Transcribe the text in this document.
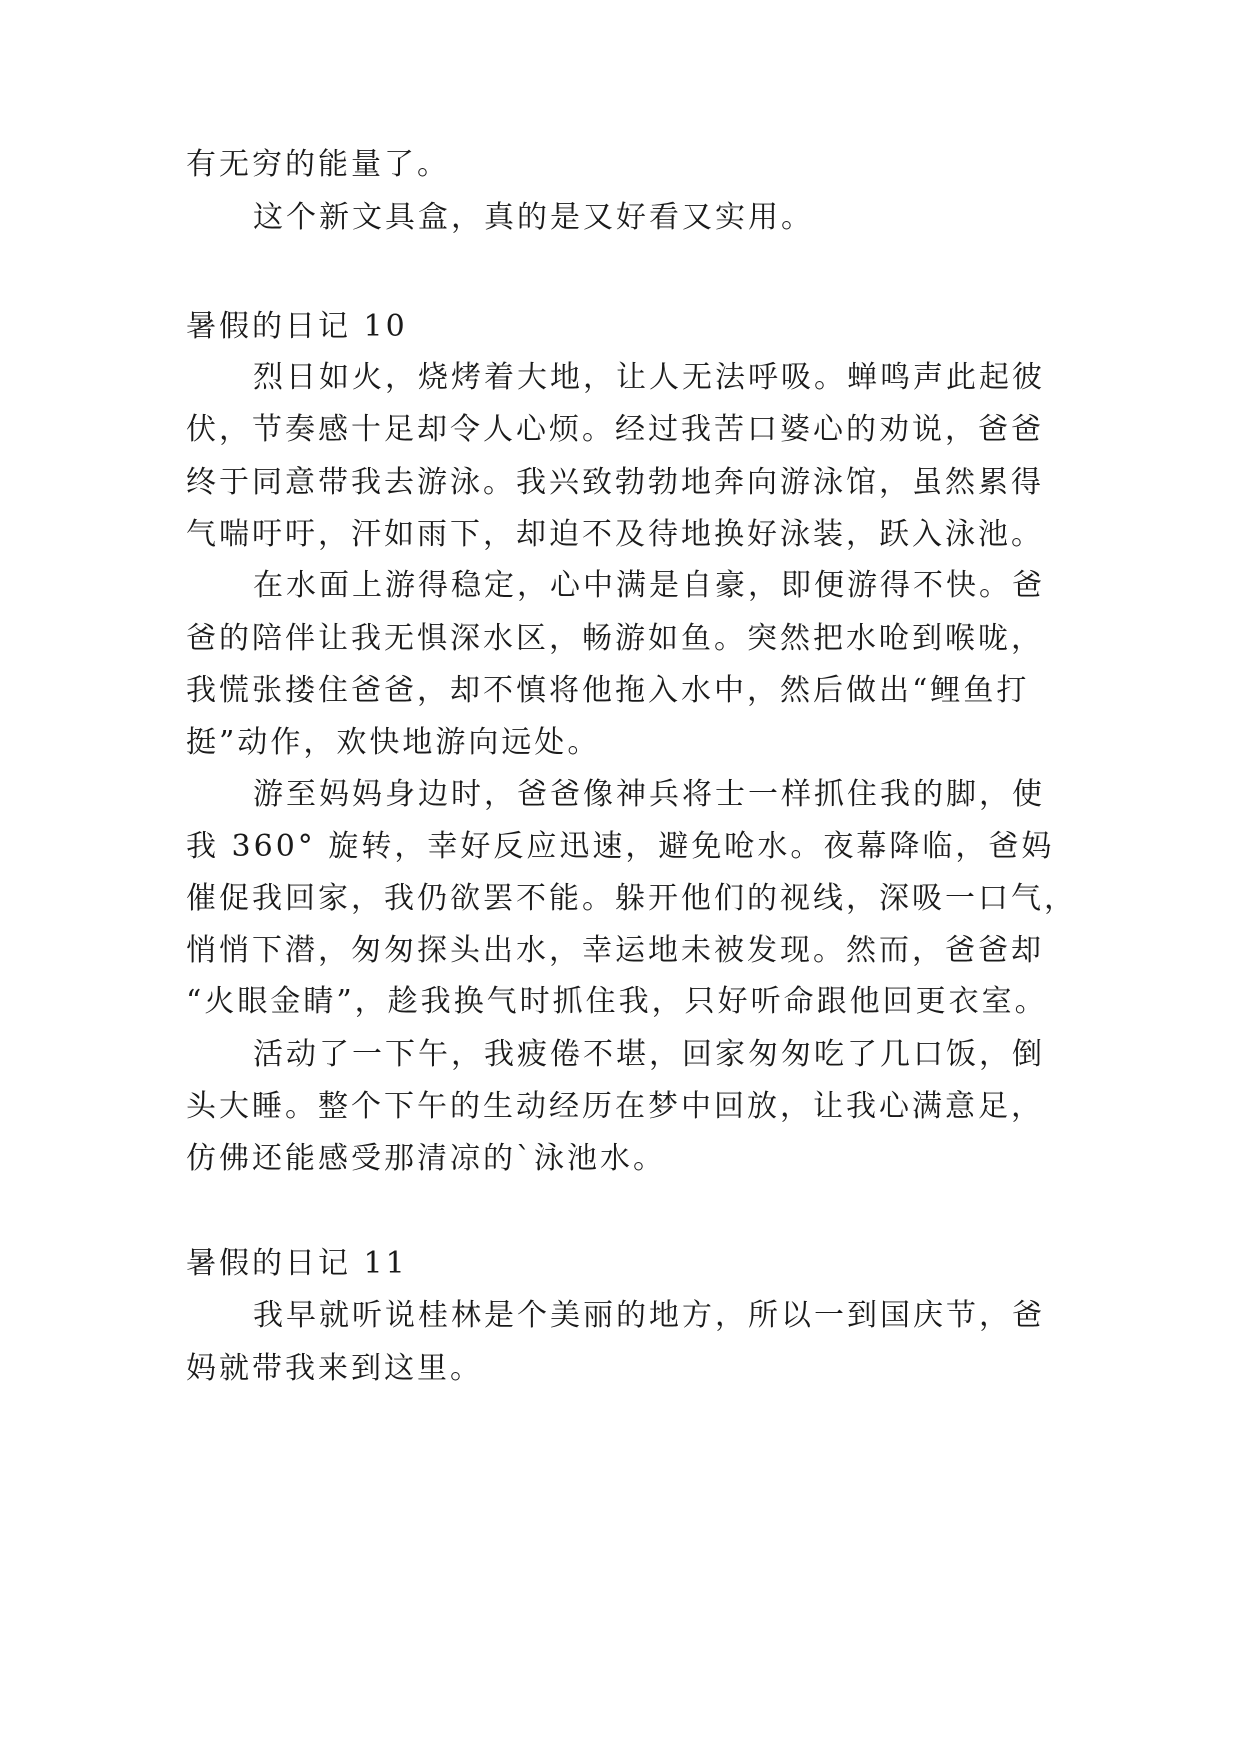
有无穷的能量了。
这个新文具盒，真的是又好看又实用。
暑假的日记 10
烈日如火，烧烤着大地，让人无法呼吸。蝉鸣声此起彼
伏，节奏感十足却令人心烦。经过我苦口婆心的劝说，爸爸
终于同意带我去游泳。我兴致勃勃地奔向游泳馆，虽然累得
气喘吁吁，汗如雨下，却迫不及待地换好泳装，跃入泳池。
在水面上游得稳定，心中满是自豪，即便游得不快。爸
爸的陪伴让我无惧深水区，畅游如鱼。突然把水呛到喉咙，
我慌张搂住爸爸，却不慎将他拖入水中，然后做出“鲤鱼打
挺”动作，欢快地游向远处。
游至妈妈身边时，爸爸像神兵将士一样抓住我的脚，使
我 360° 旋转，幸好反应迅速，避免呛水。夜幕降临，爸妈
催促我回家，我仍欲罢不能。躲开他们的视线，深吸一口气，
悄悄下潜，匆匆探头出水，幸运地未被发现。然而，爸爸却
“火眼金睛”，趁我换气时抓住我，只好听命跟他回更衣室。
活动了一下午，我疲倦不堪，回家匆匆吃了几口饭，倒
头大睡。整个下午的生动经历在梦中回放，让我心满意足，
仿佛还能感受那清凉的`泳池水。
暑假的日记 11
我早就听说桂林是个美丽的地方，所以一到国庆节，爸
妈就带我来到这里。
